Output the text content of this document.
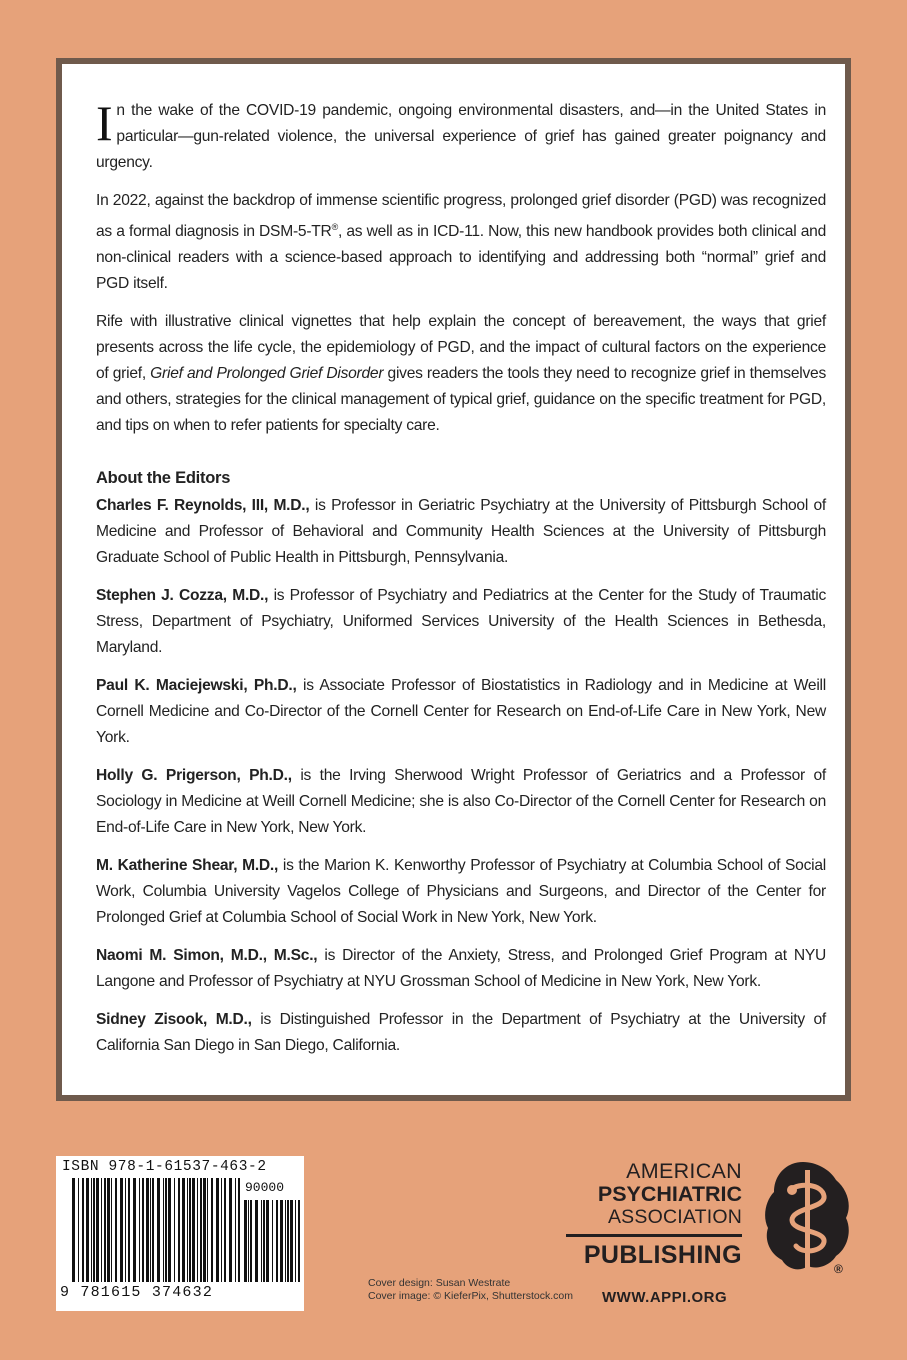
In the wake of the COVID-19 pandemic, ongoing environmental disasters, and—in the United States in particular—gun-related violence, the universal experience of grief has gained greater poignancy and urgency.

In 2022, against the backdrop of immense scientific progress, prolonged grief disorder (PGD) was recognized as a formal diagnosis in DSM-5-TR®, as well as in ICD-11. Now, this new handbook provides both clinical and non-clinical readers with a science-based approach to identifying and addressing both “normal” grief and PGD itself.

Rife with illustrative clinical vignettes that help explain the concept of bereavement, the ways that grief presents across the life cycle, the epidemiology of PGD, and the impact of cultural factors on the experience of grief, Grief and Prolonged Grief Disorder gives readers the tools they need to recognize grief in themselves and others, strategies for the clinical management of typical grief, guidance on the specific treatment for PGD, and tips on when to refer patients for specialty care.

About the Editors

Charles F. Reynolds, III, M.D., is Professor in Geriatric Psychiatry at the University of Pittsburgh School of Medicine and Professor of Behavioral and Community Health Sciences at the University of Pittsburgh Graduate School of Public Health in Pittsburgh, Pennsylvania.

Stephen J. Cozza, M.D., is Professor of Psychiatry and Pediatrics at the Center for the Study of Traumatic Stress, Department of Psychiatry, Uniformed Services University of the Health Sciences in Bethesda, Maryland.

Paul K. Maciejewski, Ph.D., is Associate Professor of Biostatistics in Radiology and in Medicine at Weill Cornell Medicine and Co-Director of the Cornell Center for Research on End-of-Life Care in New York, New York.

Holly G. Prigerson, Ph.D., is the Irving Sherwood Wright Professor of Geriatrics and a Professor of Sociology in Medicine at Weill Cornell Medicine; she is also Co-Director of the Cornell Center for Research on End-of-Life Care in New York, New York.

M. Katherine Shear, M.D., is the Marion K. Kenworthy Professor of Psychiatry at Columbia School of Social Work, Columbia University Vagelos College of Physicians and Surgeons, and Director of the Center for Prolonged Grief at Columbia School of Social Work in New York, New York.

Naomi M. Simon, M.D., M.Sc., is Director of the Anxiety, Stress, and Prolonged Grief Program at NYU Langone and Professor of Psychiatry at NYU Grossman School of Medicine in New York, New York.

Sidney Zisook, M.D., is Distinguished Professor in the Department of Psychiatry at the University of California San Diego in San Diego, California.

ISBN 978-1-61537-463-2
90000
9 781615 374632
Cover design: Susan Westrate
Cover image: © KieferPix, Shutterstock.com
AMERICAN
PSYCHIATRIC
ASSOCIATION
PUBLISHING	®
WWW.APPI.ORG
